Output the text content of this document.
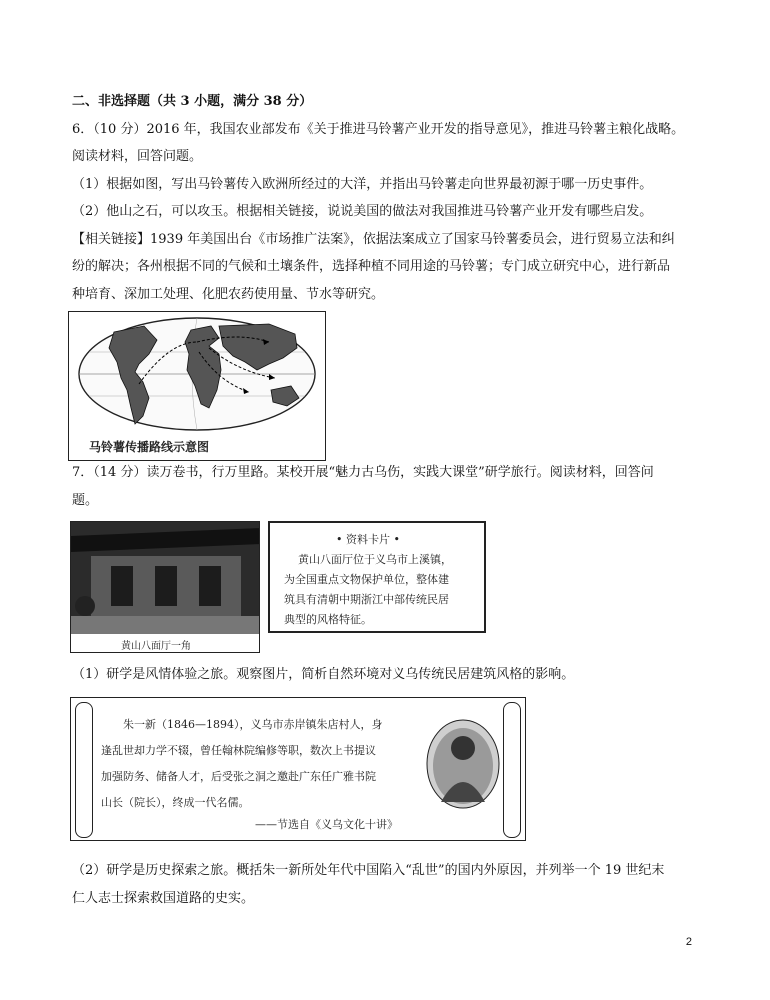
二、非选择题（共 3 小题，满分 38 分）
6．（10 分）2016 年，我国农业部发布《关于推进马铃薯产业开发的指导意见》，推进马铃薯主粮化战略。
阅读材料，回答问题。
（1）根据如图，写出马铃薯传入欧洲所经过的大洋，并指出马铃薯走向世界最初源于哪一历史事件。
（2）他山之石，可以攻玉。根据相关链接，说说美国的做法对我国推进马铃薯产业开发有哪些启发。
【相关链接】1939 年美国出台《市场推广法案》，依据法案成立了国家马铃薯委员会，进行贸易立法和纠
纷的解决；各州根据不同的气候和土壤条件，选择种植不同用途的马铃薯；专门成立研究中心，进行新品
种培育、深加工处理、化肥农药使用量、节水等研究。
马铃薯传播路线示意图
7．（14 分）读万卷书，行万里路。某校开展“魅力古乌伤，实践大课堂”研学旅行。阅读材料，回答问
题。
黄山八面厅一角
• 资料卡片 •
黄山八面厅位于义乌市上溪镇，
为全国重点文物保护单位，整体建
筑具有清朝中期浙江中部传统民居
典型的风格特征。
（1）研学是风情体验之旅。观察图片，简析自然环境对义乌传统民居建筑风格的影响。
朱一新（1846—1894），义乌市赤岸镇朱店村人，身
逢乱世却力学不辍，曾任翰林院编修等职，数次上书提议
加强防务、储备人才，后受张之洞之邀赴广东任广雅书院
山长（院长），终成一代名儒。
——节选自《义乌文化十讲》
（2）研学是历史探索之旅。概括朱一新所处年代中国陷入“乱世”的国内外原因，并列举一个 19 世纪末
仁人志士探索救国道路的史实。
2
